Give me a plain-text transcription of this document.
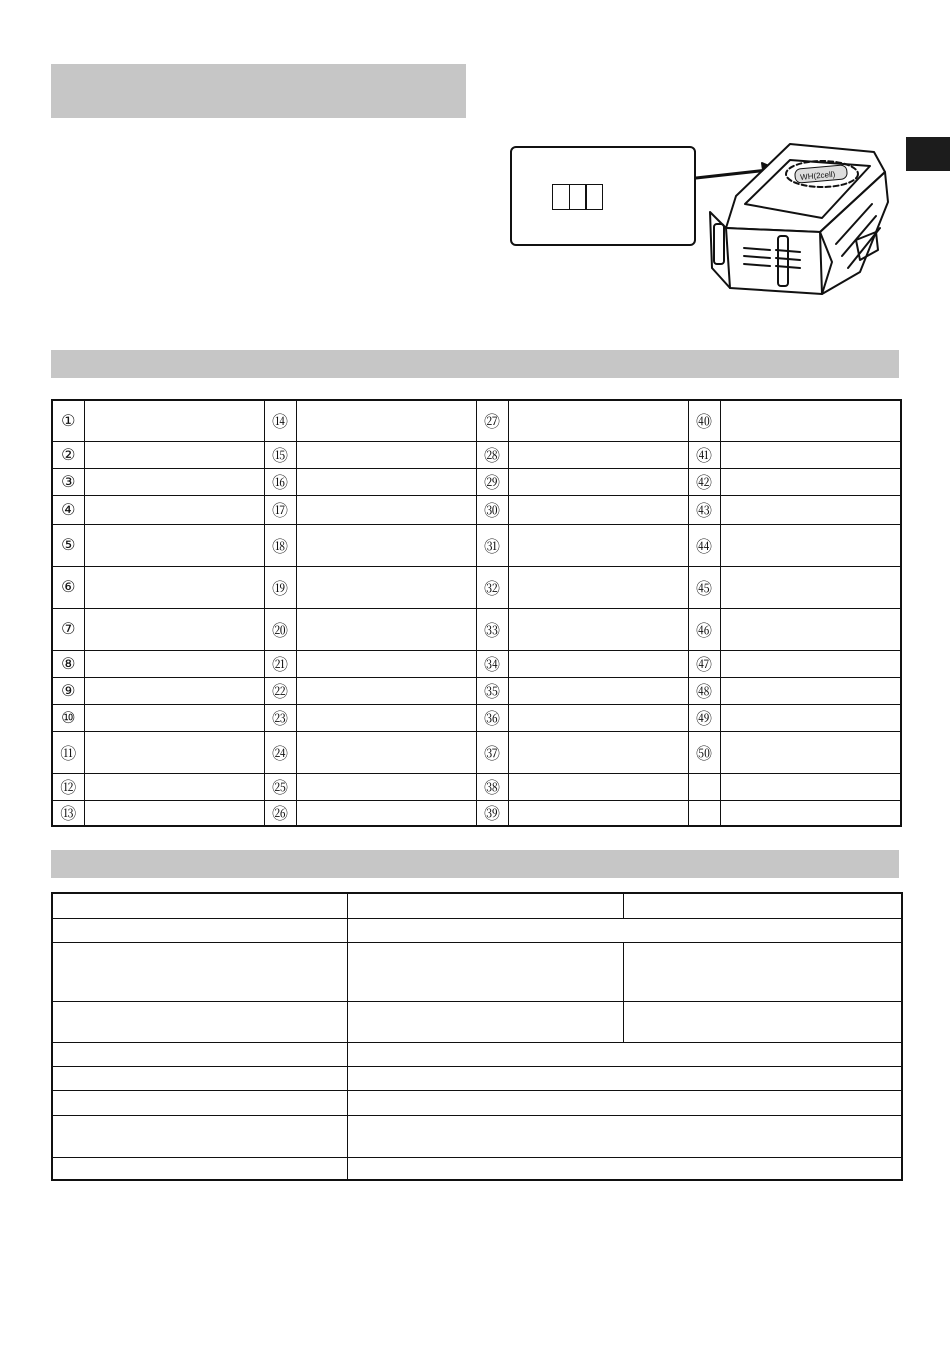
WH(2cell)
①		⑭		㉗		㊵	
②		⑮		㉘		㊶	
③		⑯		㉙		㊷	
④		⑰		㉚		㊸	
⑤		⑱		㉛		㊹	
⑥		⑲		㉜		㊺	
⑦		⑳		㉝		㊻	
⑧		㉑		㉞		㊼	
⑨		㉒		㉟		㊽	
⑩		㉓		㊱		㊾	
⑪		㉔		㊲		㊿	
⑫		㉕		㊳			
⑬		㉖		㊴			
